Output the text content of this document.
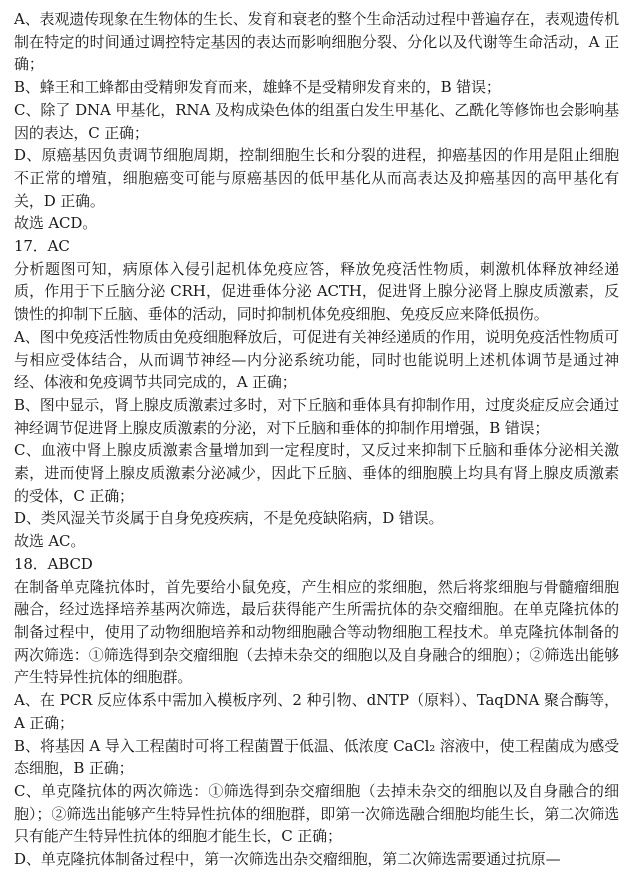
A、表观遗传现象在生物体的生长、发育和衰老的整个生命活动过程中普遍存在，表观遗传机制在特定的时间通过调控特定基因的表达而影响细胞分裂、分化以及代谢等生命活动，A 正确；

B、蜂王和工蜂都由受精卵发育而来，雄蜂不是受精卵发育来的，B 错误；

C、除了 DNA 甲基化，RNA 及构成染色体的组蛋白发生甲基化、乙酰化等修饰也会影响基因的表达，C 正确；

D、原癌基因负责调节细胞周期，控制细胞生长和分裂的进程，抑癌基因的作用是阻止细胞不正常的增殖，细胞癌变可能与原癌基因的低甲基化从而高表达及抑癌基因的高甲基化有关，D 正确。

故选 ACD。

17．AC

分析题图可知，病原体入侵引起机体免疫应答，释放免疫活性物质，刺激机体释放神经递质，作用于下丘脑分泌 CRH，促进垂体分泌 ACTH，促进肾上腺分泌肾上腺皮质激素，反馈性的抑制下丘脑、垂体的活动，同时抑制机体免疫细胞、免疫反应来降低损伤。

A、图中免疫活性物质由免疫细胞释放后，可促进有关神经递质的作用，说明免疫活性物质可与相应受体结合，从而调节神经—内分泌系统功能，同时也能说明上述机体调节是通过神经、体液和免疫调节共同完成的，A 正确；

B、图中显示，肾上腺皮质激素过多时，对下丘脑和垂体具有抑制作用，过度炎症反应会通过神经调节促进肾上腺皮质激素的分泌，对下丘脑和垂体的抑制作用增强，B 错误；

C、血液中肾上腺皮质激素含量增加到一定程度时，又反过来抑制下丘脑和垂体分泌相关激素，进而使肾上腺皮质激素分泌减少，因此下丘脑、垂体的细胞膜上均具有肾上腺皮质激素的受体，C 正确；

D、类风湿关节炎属于自身免疫疾病，不是免疫缺陷病，D 错误。

故选 AC。

18．ABCD

在制备单克隆抗体时，首先要给小鼠免疫，产生相应的浆细胞，然后将浆细胞与骨髓瘤细胞融合，经过选择培养基两次筛选，最后获得能产生所需抗体的杂交瘤细胞。在单克隆抗体的制备过程中，使用了动物细胞培养和动物细胞融合等动物细胞工程技术。单克隆抗体制备的两次筛选：①筛选得到杂交瘤细胞（去掉未杂交的细胞以及自身融合的细胞）；②筛选出能够产生特异性抗体的细胞群。

A、在 PCR 反应体系中需加入模板序列、2 种引物、dNTP（原料）、TaqDNA 聚合酶等，A 正确；

B、将基因 A 导入工程菌时可将工程菌置于低温、低浓度 CaCl₂ 溶液中，使工程菌成为感受态细胞，B 正确；

C、单克隆抗体的两次筛选：①筛选得到杂交瘤细胞（去掉未杂交的细胞以及自身融合的细胞）；②筛选出能够产生特异性抗体的细胞群，即第一次筛选融合细胞均能生长，第二次筛选只有能产生特异性抗体的细胞才能生长，C 正确；

D、单克隆抗体制备过程中，第一次筛选出杂交瘤细胞，第二次筛选需要通过抗原—
